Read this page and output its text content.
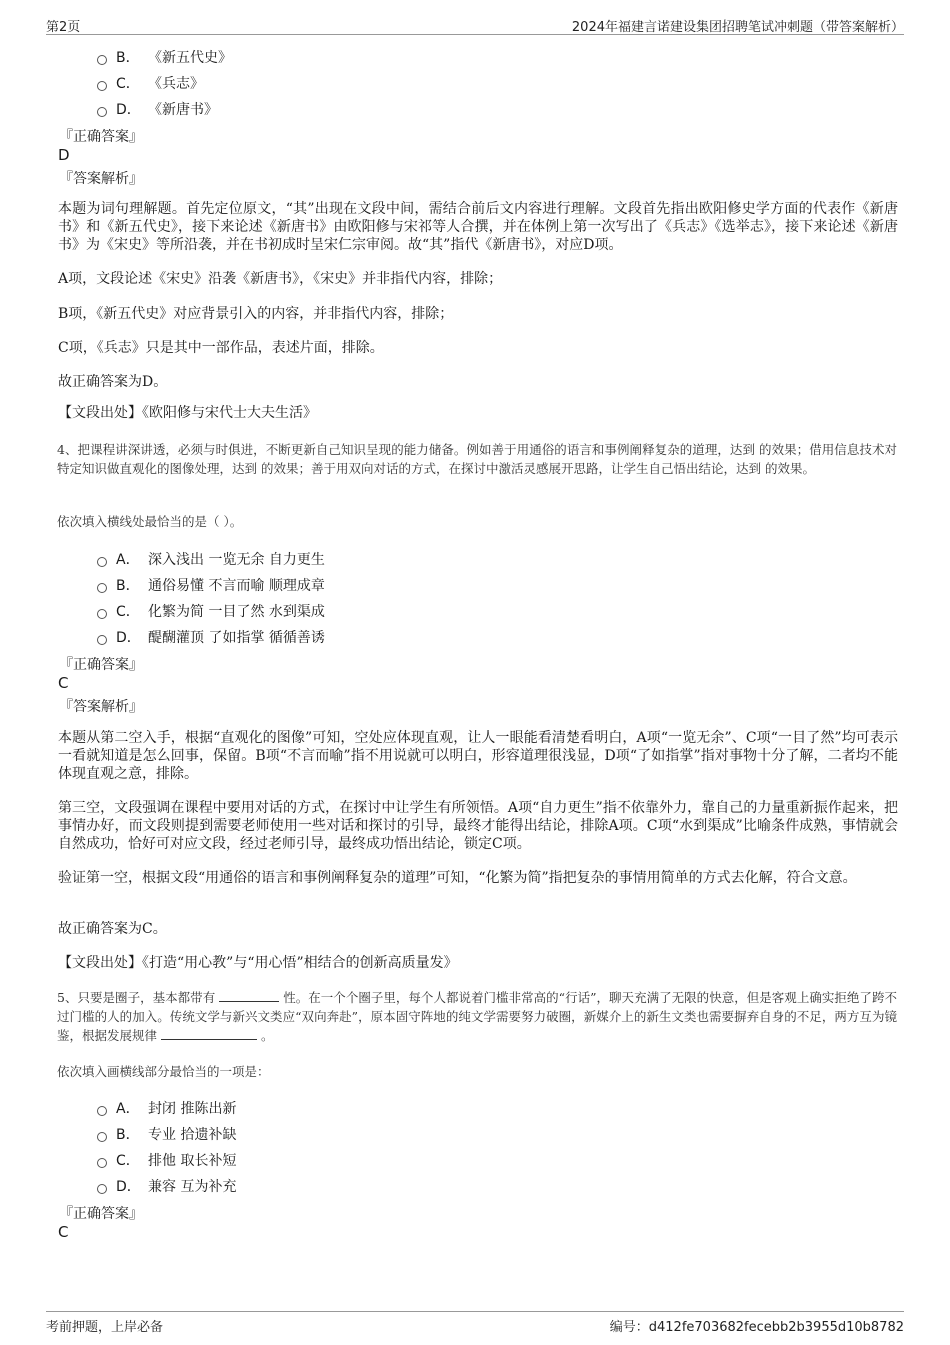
第2页	2024年福建言诺建设集团招聘笔试冲刺题（带答案解析）
B． 《新五代史》
C． 《兵志》
D． 《新唐书》
『正确答案』
D
『答案解析』
本题为词句理解题。首先定位原文，“其”出现在文段中间，需结合前后文内容进行理解。文段首先指出欧阳修史学方面的代表作《新唐书》和《新五代史》，接下来论述《新唐书》由欧阳修与宋祁等人合撰，并在体例上第一次写出了《兵志》《选举志》，接下来论述《新唐书》为《宋史》等所沿袭，并在书初成时呈宋仁宗审阅。故“其”指代《新唐书》，对应D项。
A项，文段论述《宋史》沿袭《新唐书》，《宋史》并非指代内容，排除；
B项，《新五代史》对应背景引入的内容，并非指代内容，排除；
C项，《兵志》只是其中一部作品，表述片面，排除。
故正确答案为D。
【文段出处】《欧阳修与宋代士大夫生活》
4、把课程讲深讲透，必须与时俱进，不断更新自己知识呈现的能力储备。例如善于用通俗的语言和事例阐释复杂的道理，达到 的效果；借用信息技术对特定知识做直观化的图像处理，达到 的效果；善于用双向对话的方式，在探讨中激活灵感展开思路，让学生自己悟出结论，达到 的效果。
依次填入横线处最恰当的是（ ）。
A． 深入浅出 一览无余 自力更生
B． 通俗易懂 不言而喻 顺理成章
C． 化繁为简 一目了然 水到渠成
D． 醍醐灌顶 了如指掌 循循善诱
『正确答案』
C
『答案解析』
本题从第二空入手，根据“直观化的图像”可知，空处应体现直观，让人一眼能看清楚看明白，A项“一览无余”、C项“一目了然”均可表示一看就知道是怎么回事，保留。B项“不言而喻”指不用说就可以明白，形容道理很浅显，D项“了如指掌”指对事物十分了解，二者均不能体现直观之意，排除。
第三空，文段强调在课程中要用对话的方式，在探讨中让学生有所领悟。A项“自力更生”指不依靠外力，靠自己的力量重新振作起来，把事情办好，而文段则提到需要老师使用一些对话和探讨的引导，最终才能得出结论，排除A项。C项“水到渠成”比喻条件成熟，事情就会自然成功，恰好可对应文段，经过老师引导，最终成功悟出结论，锁定C项。
验证第一空，根据文段“用通俗的语言和事例阐释复杂的道理”可知，“化繁为简”指把复杂的事情用简单的方式去化解，符合文意。
故正确答案为C。
【文段出处】《打造“用心教”与“用心悟”相结合的创新高质量发》
5、只要是圈子，基本都带有	性。在一个个圈子里，每个人都说着门槛非常高的“行话”，聊天充满了无限的快意，但是客观上确实拒绝了跨不过门槛的人的加入。传统文学与新兴文类应“双向奔赴”，原本固守阵地的纯文学需要努力破圈，新媒介上的新生文类也需要摒弃自身的不足，两方互为镜鉴，根据发展规律	。
依次填入画横线部分最恰当的一项是：
A． 封闭 推陈出新
B． 专业 拾遗补缺
C． 排他 取长补短
D． 兼容 互为补充
『正确答案』
C
考前押题，上岸必备	编号：d412fe703682fecebb2b3955d10b8782
